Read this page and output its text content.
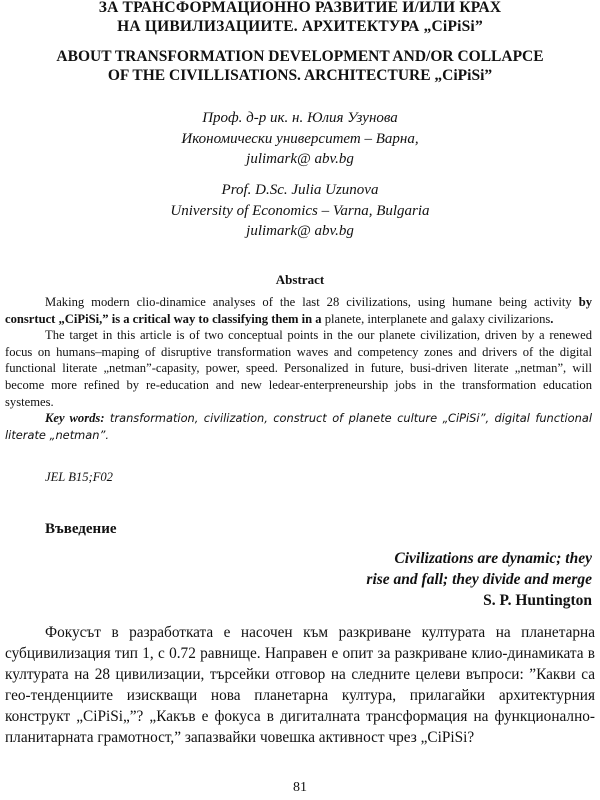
ЗА ТРАНСФОРМАЦИОННО РАЗВИТИЕ И/ИЛИ КРАХ
НА ЦИВИЛИЗАЦИИТЕ. АРХИТЕКТУРА „CiPiSi”
ABOUT TRANSFORMATION DEVELOPMENT AND/OR COLLAPCE
OF THE CIVILLISATIONS. ARCHITECTURE „CiPiSi”
Проф. д-р ик. н. Юлия Узунова
Икономически университет – Варна,
julimark@ abv.bg
Prof. D.Sc. Julia Uzunova
University of Economics – Varna, Bulgaria
julimark@ abv.bg
Abstract

Making modern clio-dinamice analyses of the last 28 civilizations, using humane being activity by consrtuct „CiPiSi,” is a critical way to classifying them in a planete, interplanete and galaxy civilizarions.

The target in this article is of two conceptual points in the our planete civilization, driven by a renewed focus on humans–maping of disruptive transformation waves and competency zones and drivers of the digital functional literate „netman”-capasity, power, speed. Personalized in future, busi-driven literate „netman”, will become more refined by re-education and new ledear-enterpreneurship jobs in the transformation education systemes.

Key words: transformation, civilization, construct of planete culture „CiPiSi”, digital functional literate „netman”.

JEL B15;F02
Въведение
Civilizations are dynamic; they
rise and fall; they divide and merge
S. P. Huntington

Фокусът в разработката е насочен към разкриване културата на планетарна субцивилизация тип 1, с 0.72 равнище. Направен е опит за разкриване клио-динамиката в културата на 28 цивилизации, търсейки отговор на следните целеви въпроси: ”Какви са гео-тенденциите изискващи нова планетарна култура, прилагайки архитектурния конструкт „CiPiSi„”? „Какъв е фокуса в дигиталната трансформация на функционално-планитарната грамотност,” запазвайки човешка активност чрез „CiPiSi?

81
